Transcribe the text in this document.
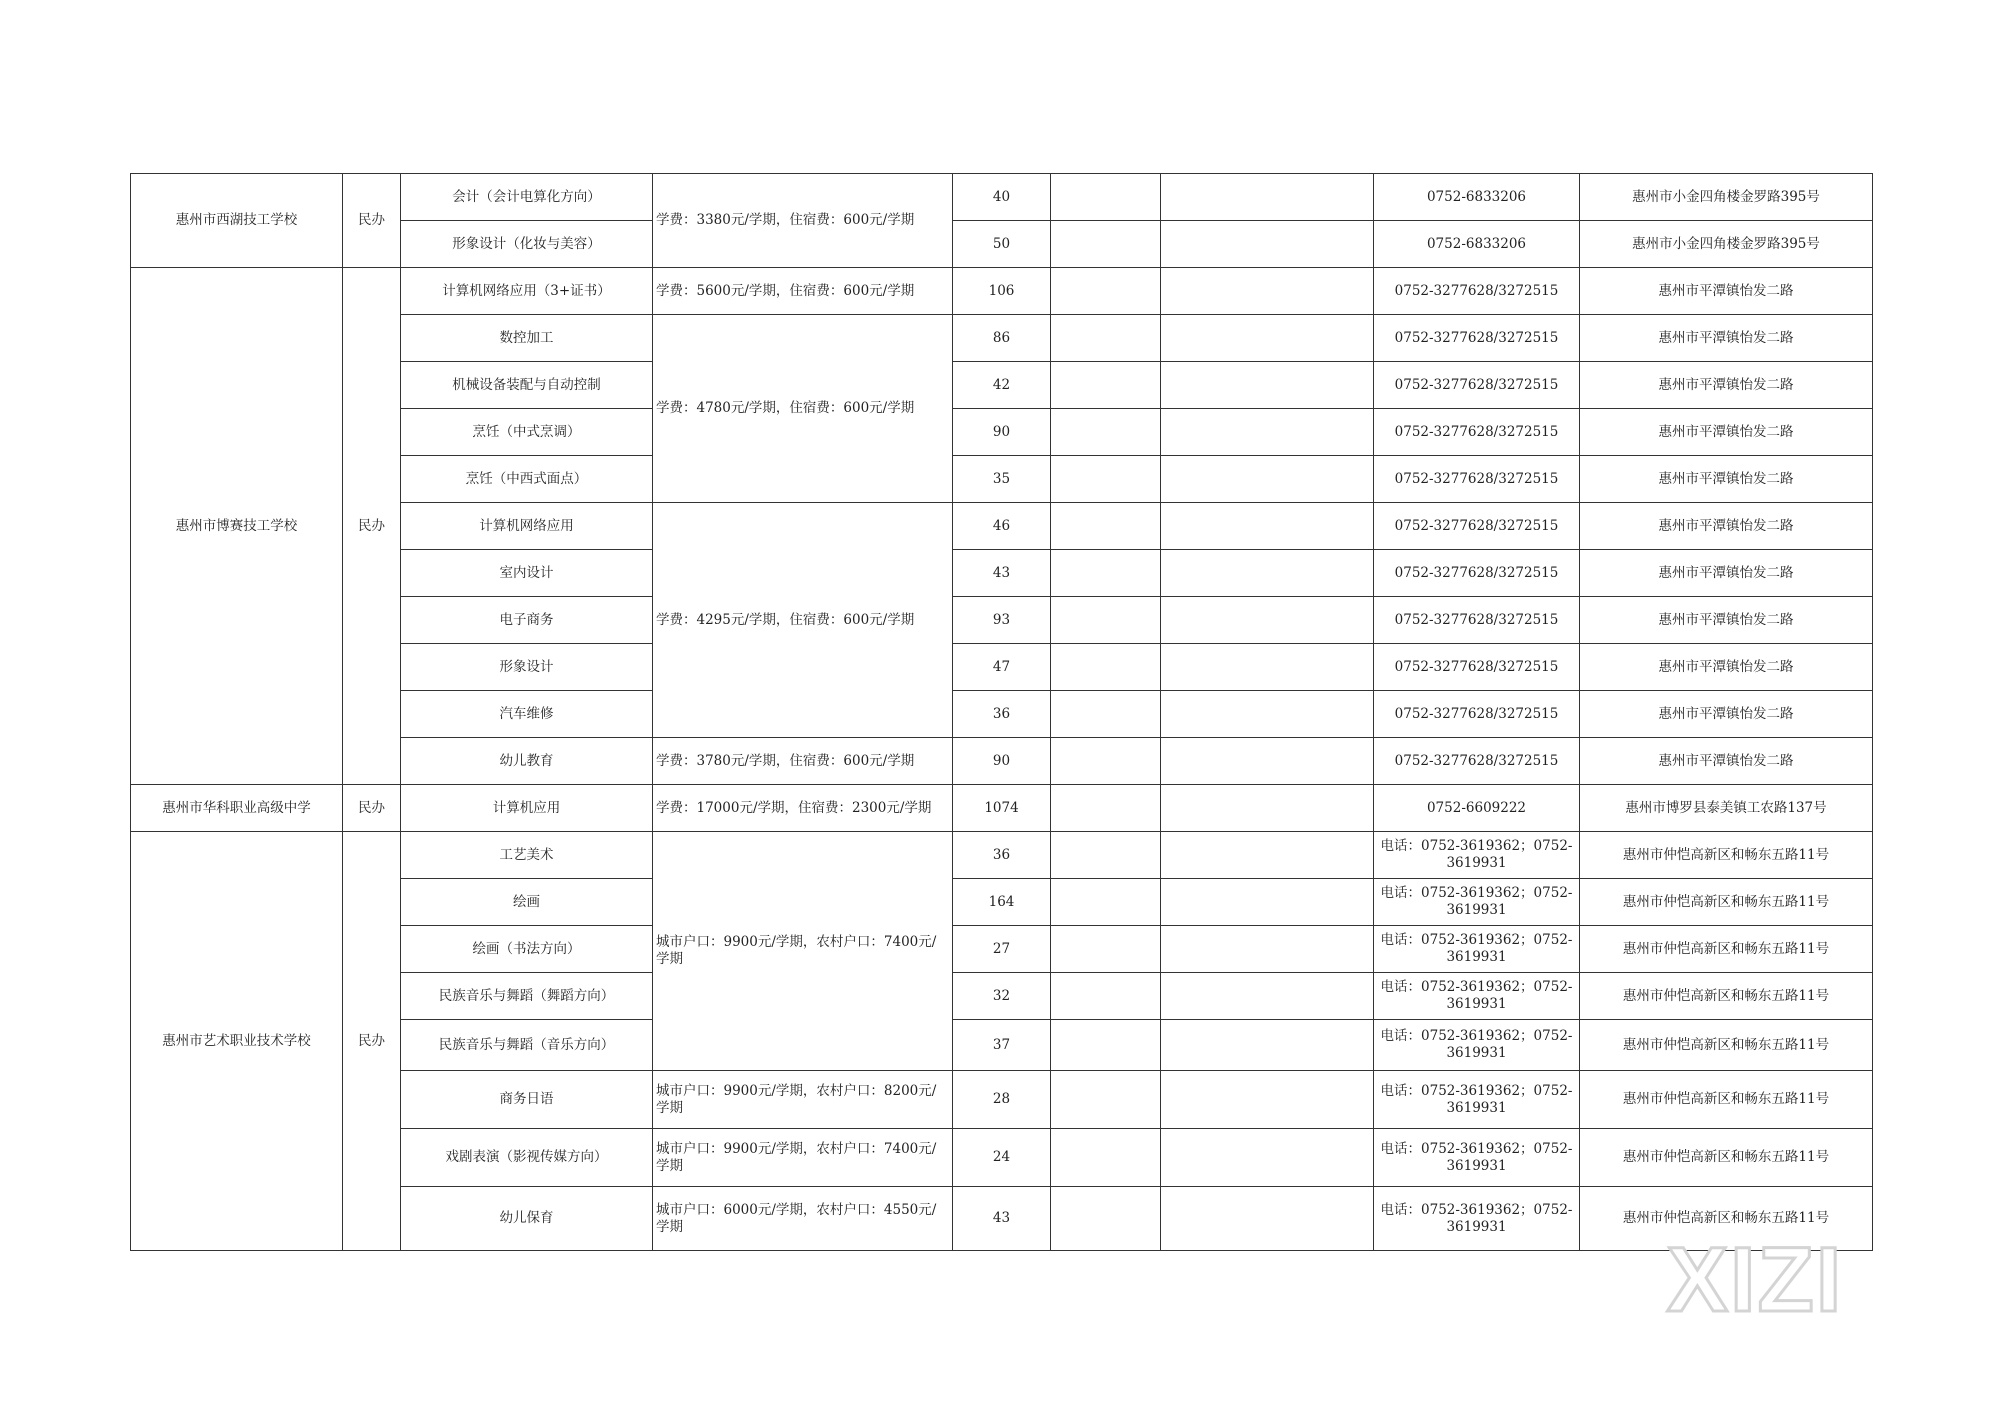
惠州市西湖技工学校	民办	会计（会计电算化方向）	学费：3380元/学期，住宿费：600元/学期	40			0752-6833206	惠州市小金四角楼金罗路395号
		形象设计（化妆与美容）		50			0752-6833206	惠州市小金四角楼金罗路395号
惠州市博赛技工学校	民办	计算机网络应用（3+证书）	学费：5600元/学期，住宿费：600元/学期	106			0752-3277628/3272515	惠州市平潭镇怡发二路
		数控加工	学费：4780元/学期，住宿费：600元/学期	86			0752-3277628/3272515	惠州市平潭镇怡发二路
		机械设备装配与自动控制		42			0752-3277628/3272515	惠州市平潭镇怡发二路
		烹饪（中式烹调）		90			0752-3277628/3272515	惠州市平潭镇怡发二路
		烹饪（中西式面点）		35			0752-3277628/3272515	惠州市平潭镇怡发二路
		计算机网络应用	学费：4295元/学期，住宿费：600元/学期	46			0752-3277628/3272515	惠州市平潭镇怡发二路
		室内设计		43			0752-3277628/3272515	惠州市平潭镇怡发二路
		电子商务		93			0752-3277628/3272515	惠州市平潭镇怡发二路
		形象设计		47			0752-3277628/3272515	惠州市平潭镇怡发二路
		汽车维修		36			0752-3277628/3272515	惠州市平潭镇怡发二路
		幼儿教育	学费：3780元/学期，住宿费：600元/学期	90			0752-3277628/3272515	惠州市平潭镇怡发二路
惠州市华科职业高级中学	民办	计算机应用	学费：17000元/学期，住宿费：2300元/学期	1074			0752-6609222	惠州市博罗县泰美镇工农路137号
惠州市艺术职业技术学校	民办	工艺美术	城市户口：9900元/学期，农村户口：7400元/学期	36			电话：0752-3619362；0752-3619931	惠州市仲恺高新区和畅东五路11号
		绘画		164			电话：0752-3619362；0752-3619931	惠州市仲恺高新区和畅东五路11号
		绘画（书法方向）		27			电话：0752-3619362；0752-3619931	惠州市仲恺高新区和畅东五路11号
		民族音乐与舞蹈（舞蹈方向）		32			电话：0752-3619362；0752-3619931	惠州市仲恺高新区和畅东五路11号
		民族音乐与舞蹈（音乐方向）		37			电话：0752-3619362；0752-3619931	惠州市仲恺高新区和畅东五路11号
		商务日语	城市户口：9900元/学期，农村户口：8200元/学期	28			电话：0752-3619362；0752-3619931	惠州市仲恺高新区和畅东五路11号
		戏剧表演（影视传媒方向）	城市户口：9900元/学期，农村户口：7400元/学期	24			电话：0752-3619362；0752-3619931	惠州市仲恺高新区和畅东五路11号
		幼儿保育	城市户口：6000元/学期，农村户口：4550元/学期	43			电话：0752-3619362；0752-3619931	惠州市仲恺高新区和畅东五路11号
XIZI
